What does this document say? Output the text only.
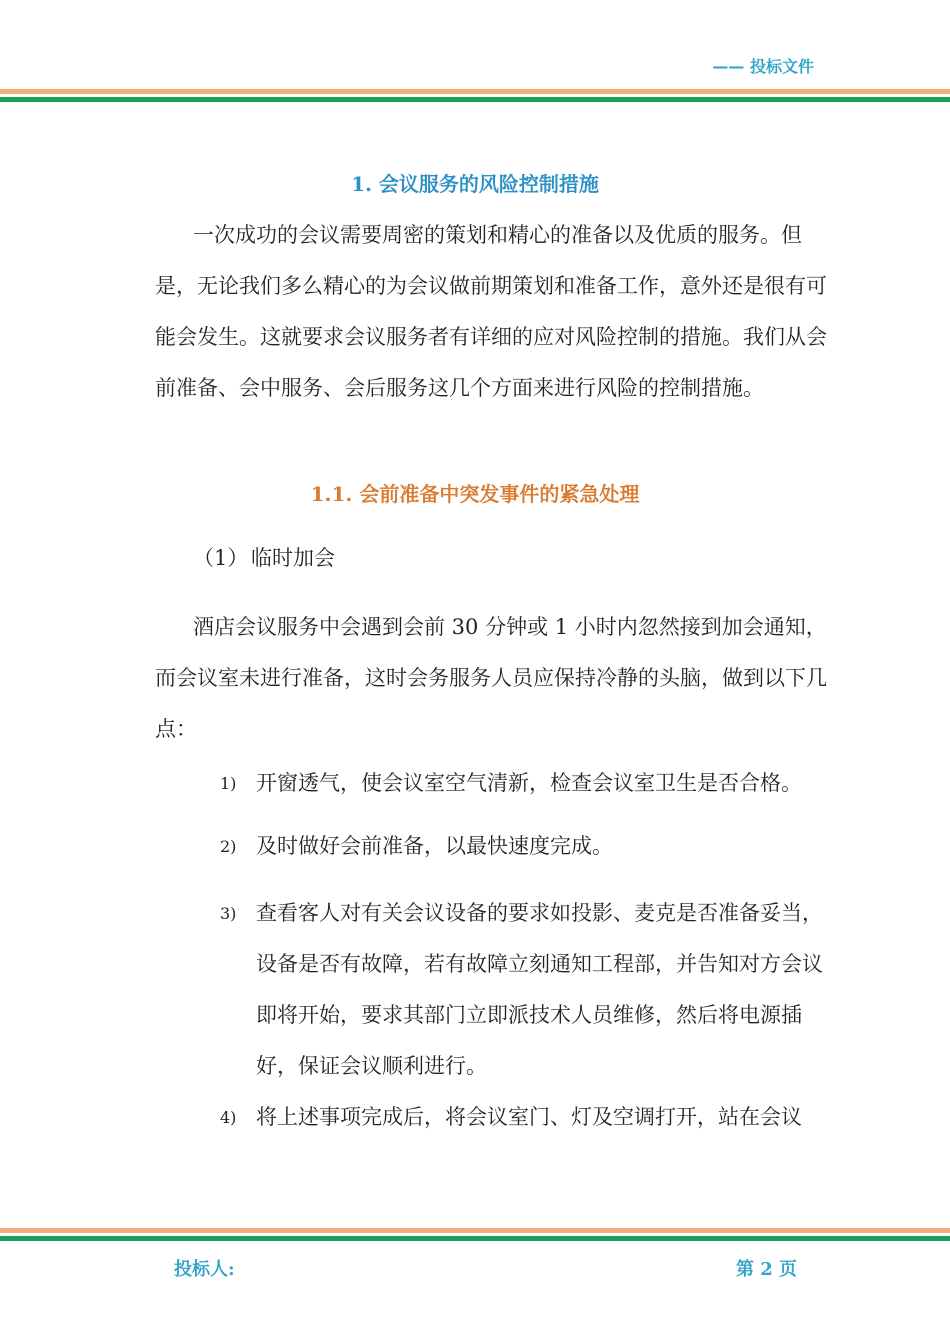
—— 投标文件
1. 会议服务的风险控制措施

一次成功的会议需要周密的策划和精心的准备以及优质的服务。但是，无论我们多么精心的为会议做前期策划和准备工作，意外还是很有可能会发生。这就要求会议服务者有详细的应对风险控制的措施。我们从会前准备、会中服务、会后服务这几个方面来进行风险的控制措施。

1.1. 会前准备中突发事件的紧急处理
（1） 临时加会

酒店会议服务中会遇到会前 30 分钟或 1 小时内忽然接到加会通知，而会议室未进行准备，这时会务服务人员应保持冷静的头脑，做到以下几点：

1) 开窗透气，使会议室空气清新，检查会议室卫生是否合格。
2) 及时做好会前准备，以最快速度完成。
3) 查看客人对有关会议设备的要求如投影、麦克是否准备妥当，设备是否有故障，若有故障立刻通知工程部，并告知对方会议即将开始，要求其部门立即派技术人员维修，然后将电源插好，保证会议顺利进行。
4) 将上述事项完成后，将会议室门、灯及空调打开，站在会议
投标人:	第 2 页
